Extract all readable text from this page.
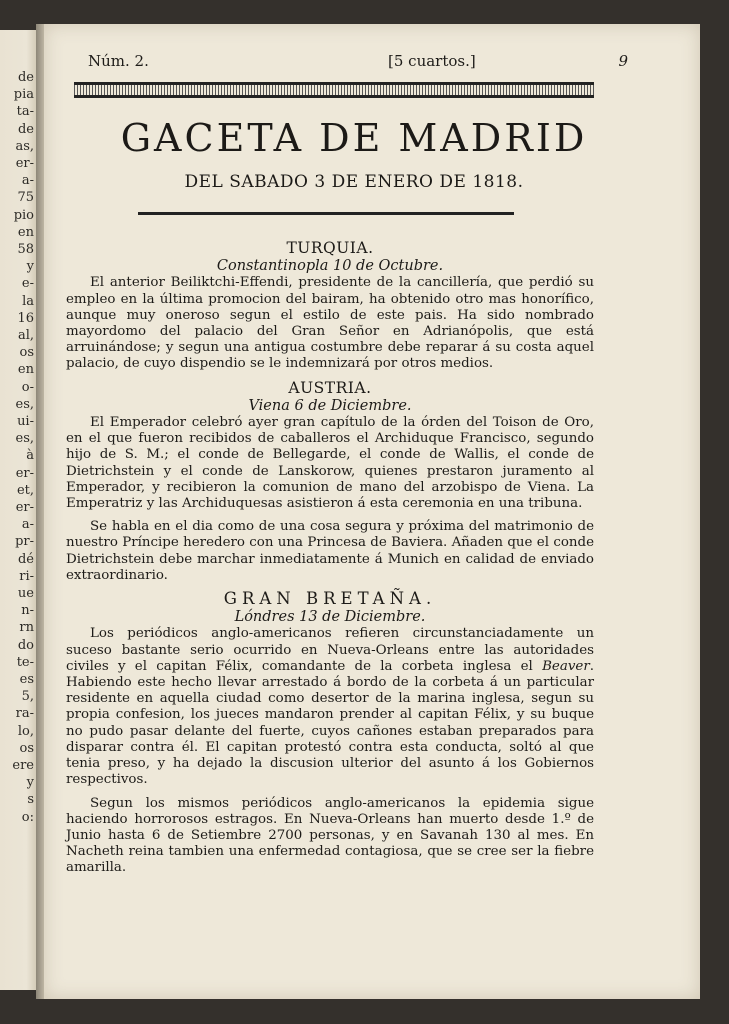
de
pia
ta-
de
as,
er-
a-
75
pio
en
58
y
e-
la
16
al,
os
en
o-
es,
ui-
es,
à
er-
et,
er-
a-
pr-
dé
ri-
ue
n-
rn
do
te-
es
5,
ra-
lo,
os
ere
y
s
o:
Núm. 2.	[5 cuartos.]	9
GACETA DE MADRID
DEL SABADO 3 DE ENERO DE 1818.
TURQUIA.
Constantinopla 10 de Octubre.

El anterior Beiliktchi-Effendi, presidente de la cancillería, que perdió su empleo en la última promocion del bairam, ha obtenido otro mas honorífico, aunque muy oneroso segun el estilo de este pais. Ha sido nombrado mayordomo del palacio del Gran Señor en Adrianópolis, que está arruinándose; y segun una antigua costumbre debe reparar á su costa aquel palacio, de cuyo dispendio se le indemnizará por otros medios.

AUSTRIA.
Viena 6 de Diciembre.

El Emperador celebró ayer gran capítulo de la órden del Toison de Oro, en el que fueron recibidos de caballeros el Archiduque Francisco, segundo hijo de S. M.; el conde de Bellegarde, el conde de Wallis, el conde de Dietrichstein y el conde de Lanskorow, quienes prestaron juramento al Emperador, y recibieron la comunion de mano del arzobispo de Viena. La Emperatriz y las Archiduquesas asistieron á esta ceremonia en una tribuna.

Se habla en el dia como de una cosa segura y próxima del matrimonio de nuestro Príncipe heredero con una Princesa de Baviera. Añaden que el conde Dietrichstein debe marchar inmediatamente á Munich en calidad de enviado extraordinario.

GRAN BRETAÑA.
Lóndres 13 de Diciembre.

Los periódicos anglo-americanos refieren circunstanciadamente un suceso bastante serio ocurrido en Nueva-Orleans entre las autoridades civiles y el capitan Félix, comandante de la corbeta inglesa el Beaver. Habiendo este hecho llevar arrestado á bordo de la corbeta á un particular residente en aquella ciudad como desertor de la marina inglesa, segun su propia confesion, los jueces mandaron prender al capitan Félix, y su buque no pudo pasar delante del fuerte, cuyos cañones estaban preparados para disparar contra él. El capitan protestó contra esta conducta, soltó al que tenia preso, y ha dejado la discusion ulterior del asunto á los Gobiernos respectivos.

Segun los mismos periódicos anglo-americanos la epidemia sigue haciendo horrorosos estragos. En Nueva-Orleans han muerto desde 1.º de Junio hasta 6 de Setiembre 2700 personas, y en Savanah 130 al mes. En Nacheth reina tambien una enfermedad contagiosa, que se cree ser la fiebre amarilla.
